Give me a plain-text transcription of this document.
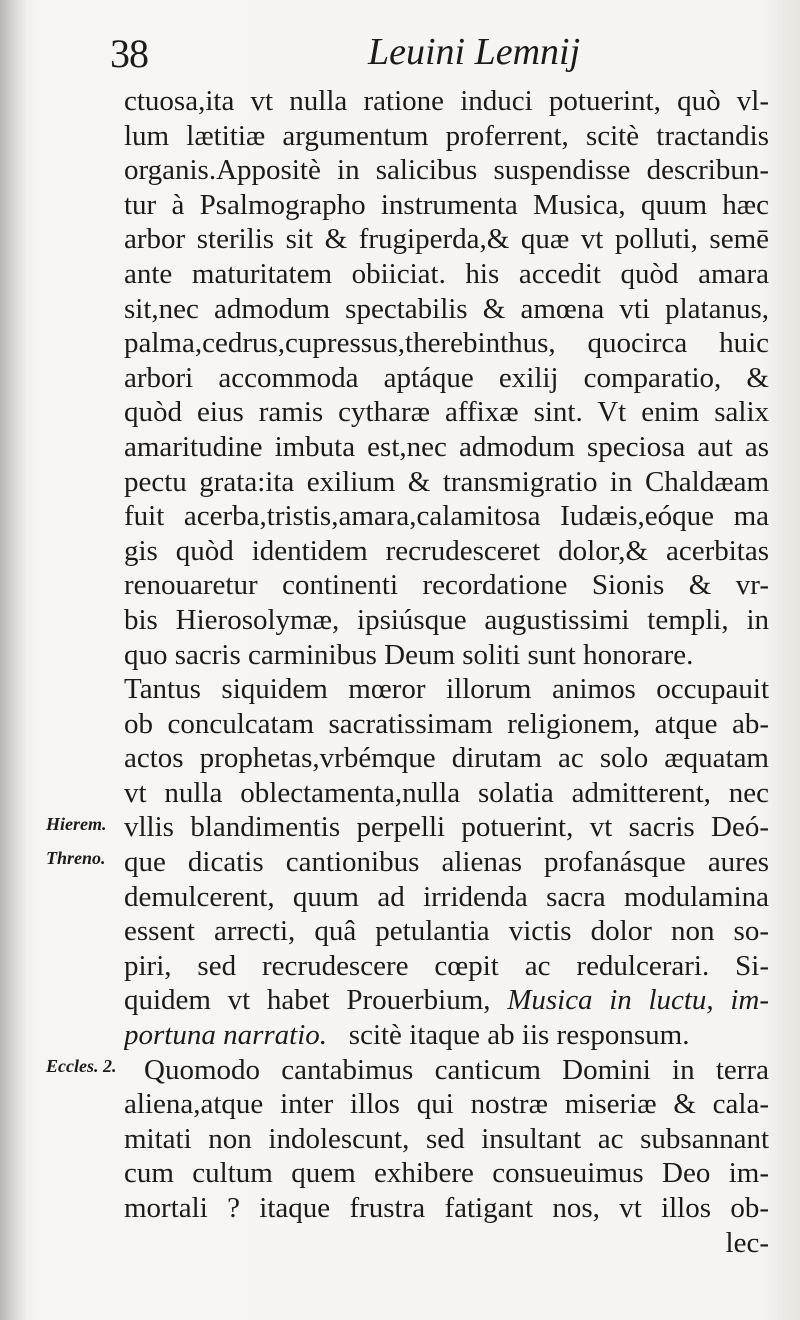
38	Leuini Lemnij
Hierem.
Threno.
Eccles. 2.
ctuosa,ita vt nulla ratione induci potuerint, quò vl-
lum lætitiæ argumentum proferrent, scitè tractandis
organis.Appositè in salicibus suspendisse describun-
tur à Psalmographo instrumenta Musica, quum hæc
arbor sterilis sit & frugiperda,& quæ vt polluti, semē
ante maturitatem obiiciat. his accedit quòd amara
sit,nec admodum spectabilis & amœna vti platanus,
palma,cedrus,cupressus,therebinthus, quocirca huic
arbori accommoda aptáque exilij comparatio, &
quòd eius ramis cytharæ affixæ sint. Vt enim salix
amaritudine imbuta est,nec admodum speciosa aut as
pectu grata:ita exilium & transmigratio in Chaldæam
fuit acerba,tristis,amara,calamitosa Iudæis,eóque ma
gis quòd identidem recrudesceret dolor,& acerbitas
renouaretur continenti recordatione Sionis & vr-
bis Hierosolymæ, ipsiúsque augustissimi templi, in
quo sacris carminibus Deum soliti sunt honorare.
Tantus siquidem mœror illorum animos occupauit
ob conculcatam sacratissimam religionem, atque ab-
actos prophetas,vrbémque dirutam ac solo æquatam
vt nulla oblectamenta,nulla solatia admitterent, nec
vllis blandimentis perpelli potuerint, vt sacris Deó-
que dicatis cantionibus alienas profanásque aures
demulcerent, quum ad irridenda sacra modulamina
essent arrecti, quâ petulantia victis dolor non so-
piri, sed recrudescere cœpit ac redulcerari. Si-
quidem vt habet Prouerbium, Musica in luctu, im-
portuna narratio. scitè itaque ab iis responsum.
Quomodo cantabimus canticum Domini in terra
aliena,atque inter illos qui nostræ miseriæ & cala-
mitati non indolescunt, sed insultant ac subsannant
cum cultum quem exhibere consueuimus Deo im-
mortali ? itaque frustra fatigant nos, vt illos ob-
lec-
